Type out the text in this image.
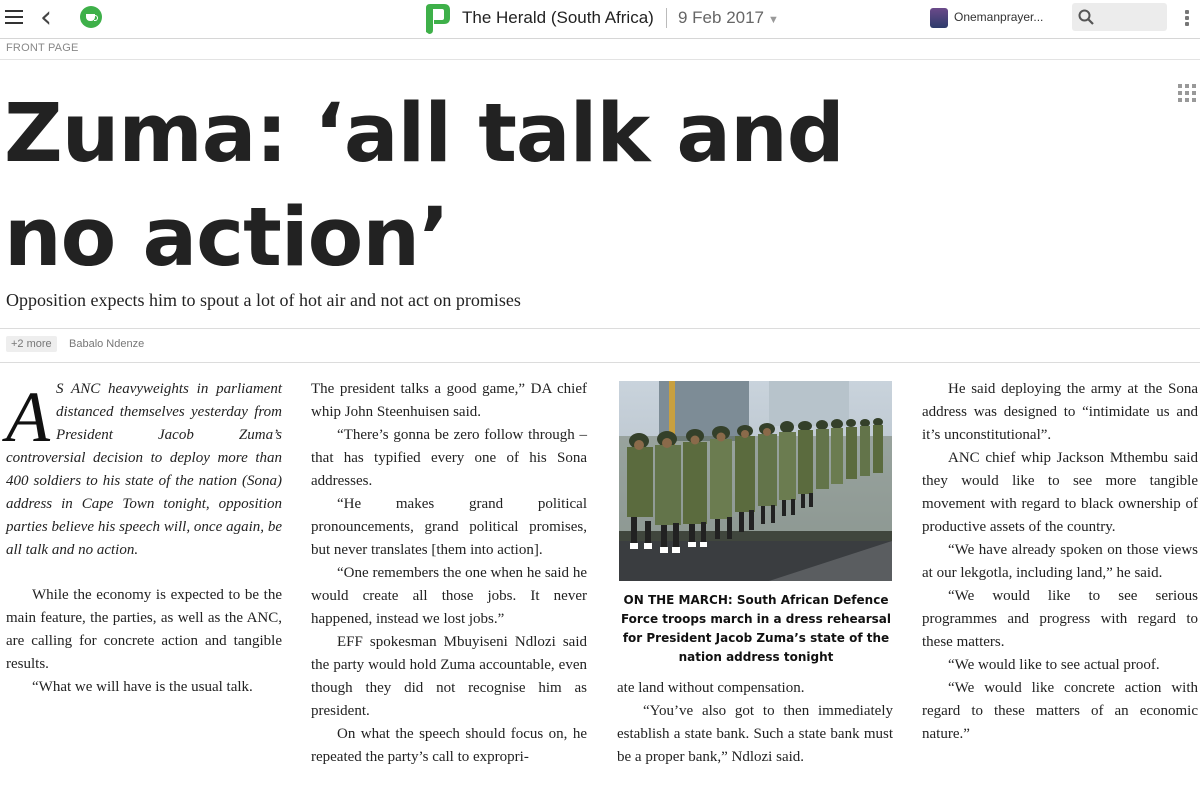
‹	The Herald (South Africa) 9 Feb 2017 ▼	Onemanprayer...
FRONT PAGE
Zuma: ‘all talk and no action’
Opposition expects him to spout a lot of hot air and not act on promises
+2 more	Babalo Ndenze

A S ANC heavyweights in parliament distanced themselves yesterday from President Jacob Zuma’s controversial decision to deploy more than 400 soldiers to his state of the nation (Sona) address in Cape Town tonight, opposition parties believe his speech will, once again, be all talk and no action.

While the economy is expected to be the main feature, the parties, as well as the ANC, are calling for concrete action and tangible results.

“What we will have is the usual talk.

The president talks a good game,” DA chief whip John Steenhuisen said.

“There’s gonna be zero follow through – that has typified every one of his Sona addresses.

“He makes grand political pronouncements, grand political promises, but never translates [them into action].

“One remembers the one when he said he would create all those jobs. It never happened, instead we lost jobs.”

EFF spokesman Mbuyiseni Ndlozi said the party would hold Zuma accountable, even though they did not recognise him as president.

On what the speech should focus on, he repeated the party’s call to expropri-

ON THE MARCH: South African Defence Force troops march in a dress rehearsal for President Jacob Zuma’s state of the nation address tonight

ate land without compensation.

“You’ve also got to then immediately establish a state bank. Such a state bank must be a proper bank,” Ndlozi said.

He said deploying the army at the Sona address was designed to “intimidate us and it’s unconstitutional”.

ANC chief whip Jackson Mthembu said they would like to see more tangible movement with regard to black ownership of productive assets of the country.

“We have already spoken on those views at our lekgotla, including land,” he said.

“We would like to see serious programmes and progress with regard to these matters.

“We would like to see actual proof.

“We would like concrete action with regard to these matters of an economic nature.”
